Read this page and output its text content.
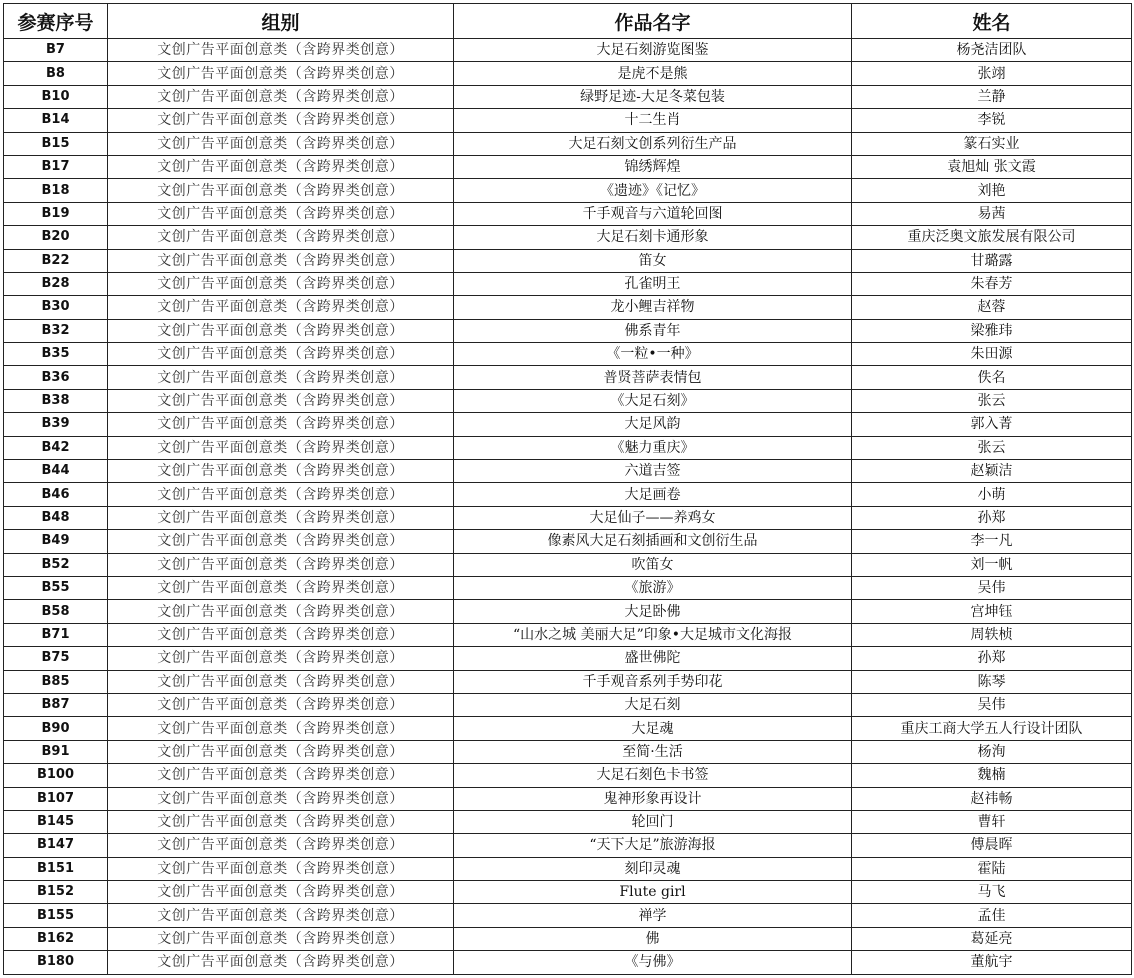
参赛序号	组别	作品名字	姓名
B7	文创广告平面创意类（含跨界类创意）	大足石刻游览图鉴	杨尧洁团队
B8	文创广告平面创意类（含跨界类创意）	是虎不是熊	张翊
B10	文创广告平面创意类（含跨界类创意）	绿野足迹-大足冬菜包装	兰静
B14	文创广告平面创意类（含跨界类创意）	十二生肖	李锐
B15	文创广告平面创意类（含跨界类创意）	大足石刻文创系列衍生产品	篆石实业
B17	文创广告平面创意类（含跨界类创意）	锦绣辉煌	袁旭灿 张文霞
B18	文创广告平面创意类（含跨界类创意）	《遗迹》《记忆》	刘艳
B19	文创广告平面创意类（含跨界类创意）	千手观音与六道轮回图	易茜
B20	文创广告平面创意类（含跨界类创意）	大足石刻卡通形象	重庆泛奥文旅发展有限公司
B22	文创广告平面创意类（含跨界类创意）	笛女	甘璐露
B28	文创广告平面创意类（含跨界类创意）	孔雀明王	朱春芳
B30	文创广告平面创意类（含跨界类创意）	龙小鲤吉祥物	赵蓉
B32	文创广告平面创意类（含跨界类创意）	佛系青年	梁雅玮
B35	文创广告平面创意类（含跨界类创意）	《一粒•一种》	朱田源
B36	文创广告平面创意类（含跨界类创意）	普贤菩萨表情包	佚名
B38	文创广告平面创意类（含跨界类创意）	《大足石刻》	张云
B39	文创广告平面创意类（含跨界类创意）	大足风韵	郭入菁
B42	文创广告平面创意类（含跨界类创意）	《魅力重庆》	张云
B44	文创广告平面创意类（含跨界类创意）	六道吉签	赵颖洁
B46	文创广告平面创意类（含跨界类创意）	大足画卷	小萌
B48	文创广告平面创意类（含跨界类创意）	大足仙子——养鸡女	孙郑
B49	文创广告平面创意类（含跨界类创意）	像素风大足石刻插画和文创衍生品	李一凡
B52	文创广告平面创意类（含跨界类创意）	吹笛女	刘一帆
B55	文创广告平面创意类（含跨界类创意）	《旅游》	吴伟
B58	文创广告平面创意类（含跨界类创意）	大足卧佛	宫坤钰
B71	文创广告平面创意类（含跨界类创意）	“山水之城 美丽大足”印象•大足城市文化海报	周轶桢
B75	文创广告平面创意类（含跨界类创意）	盛世佛陀	孙郑
B85	文创广告平面创意类（含跨界类创意）	千手观音系列手势印花	陈琴
B87	文创广告平面创意类（含跨界类创意）	大足石刻	吴伟
B90	文创广告平面创意类（含跨界类创意）	大足魂	重庆工商大学五人行设计团队
B91	文创广告平面创意类（含跨界类创意）	至简·生活	杨洵
B100	文创广告平面创意类（含跨界类创意）	大足石刻色卡书签	魏楠
B107	文创广告平面创意类（含跨界类创意）	鬼神形象再设计	赵祎畅
B145	文创广告平面创意类（含跨界类创意）	轮回门	曹轩
B147	文创广告平面创意类（含跨界类创意）	“天下大足”旅游海报	傅晨晖
B151	文创广告平面创意类（含跨界类创意）	刻印灵魂	霍陆
B152	文创广告平面创意类（含跨界类创意）	Flute girl	马飞
B155	文创广告平面创意类（含跨界类创意）	禅学	孟佳
B162	文创广告平面创意类（含跨界类创意）	佛	葛延亮
B180	文创广告平面创意类（含跨界类创意）	《与佛》	董航宇
